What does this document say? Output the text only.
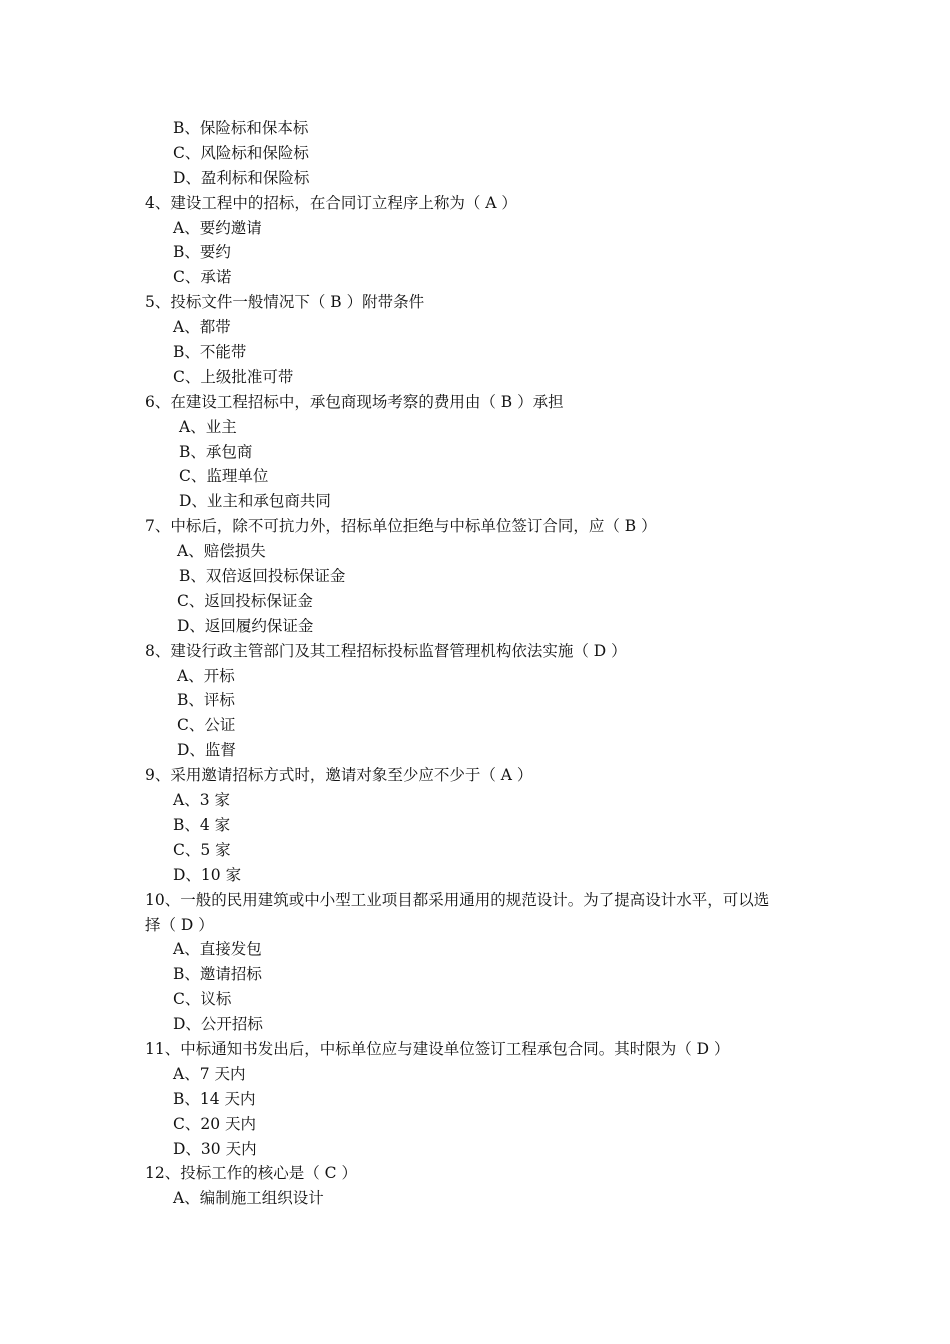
B、保险标和保本标
C、风险标和保险标
D、盈利标和保险标
4、建设工程中的招标，在合同订立程序上称为（ A ）
A、要约邀请
B、要约
C、承诺
5、投标文件一般情况下（ B ）附带条件
A、都带
B、不能带
C、上级批准可带
6、在建设工程招标中，承包商现场考察的费用由（ B ）承担
A、业主
B、承包商
C、监理单位
D、业主和承包商共同
7、中标后，除不可抗力外，招标单位拒绝与中标单位签订合同，应（ B ）
A、赔偿损失
B、双倍返回投标保证金
C、返回投标保证金
D、返回履约保证金
8、建设行政主管部门及其工程招标投标监督管理机构依法实施（ D ）
A、开标
B、评标
C、公证
D、监督
9、采用邀请招标方式时，邀请对象至少应不少于（ A ）
A、3 家
B、4 家
C、5 家
D、10 家
10、一般的民用建筑或中小型工业项目都采用通用的规范设计。为了提高设计水平，可以选
择（ D ）
A、直接发包
B、邀请招标
C、议标
D、公开招标
11、中标通知书发出后，中标单位应与建设单位签订工程承包合同。其时限为（ D ）
A、7 天内
B、14 天内
C、20 天内
D、30 天内
12、投标工作的核心是（ C ）
A、编制施工组织设计
